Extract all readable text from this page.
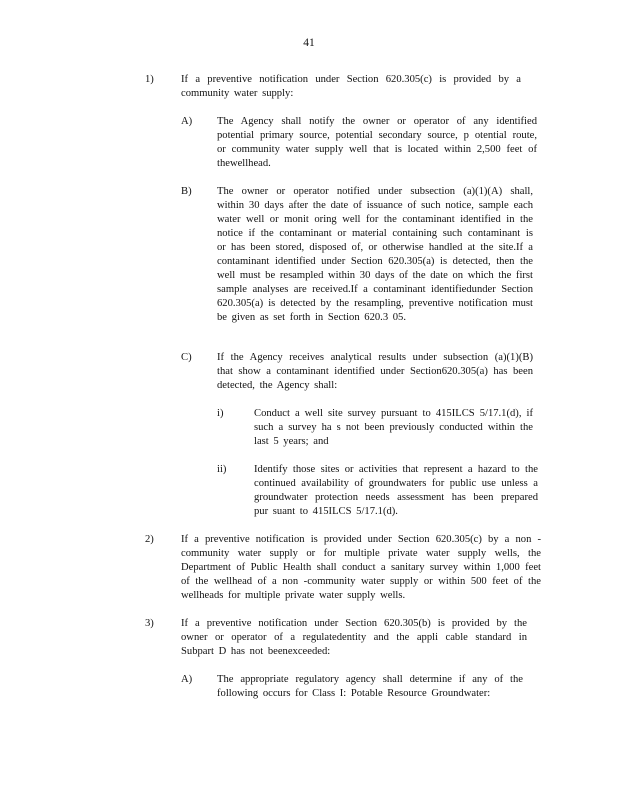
41
1)	If a preventive notification under Section 620.305(c) is provided by a community water supply:
A) The Agency shall notify the owner or operator of any identified potential primary source, potential secondary source, p otential route, or community water supply well that is located within 2,500 feet of thewellhead.
B) The owner or operator notified under subsection (a)(1)(A) shall, within 30 days after the date of issuance of such notice, sample each water well or monit oring well for the contaminant identified in the notice if the contaminant or material containing such contaminant is or has been stored, disposed of, or otherwise handled at the site.If a contaminant identified under Section 620.305(a) is detected, then the well must be resampled within 30 days of the date on which the first sample analyses are received.If a contaminant identifiedunder Section 620.305(a) is detected by the resampling, preventive notification must be given as set forth in Section 620.3 05.
C) If the Agency receives analytical results under subsection (a)(1)(B) that show a contaminant identified under Section620.305(a) has been detected, the Agency shall:
i)	Conduct a well site survey pursuant to 415ILCS 5/17.1(d), if such a survey ha s not been previously conducted within the last 5 years; and
ii)	Identify those sites or activities that represent a hazard to the continued availability of groundwaters for public use unless a groundwater protection needs assessment has been prepared pur suant to 415ILCS 5/17.1(d).
2)	If a preventive notification is provided under Section 620.305(c) by a non - community water supply or for multiple private water supply wells, the Department of Public Health shall conduct a sanitary survey within 1,000 feet of the wellhead of a non -community water supply or within 500 feet of the wellheads for multiple private water supply wells.
3)	If a preventive notification under Section 620.305(b) is provided by the owner or operator of a regulatedentity and the appli cable standard in Subpart D has not beenexceeded:
A) The appropriate regulatory agency shall determine if any of the following occurs for Class I: Potable Resource Groundwater:
